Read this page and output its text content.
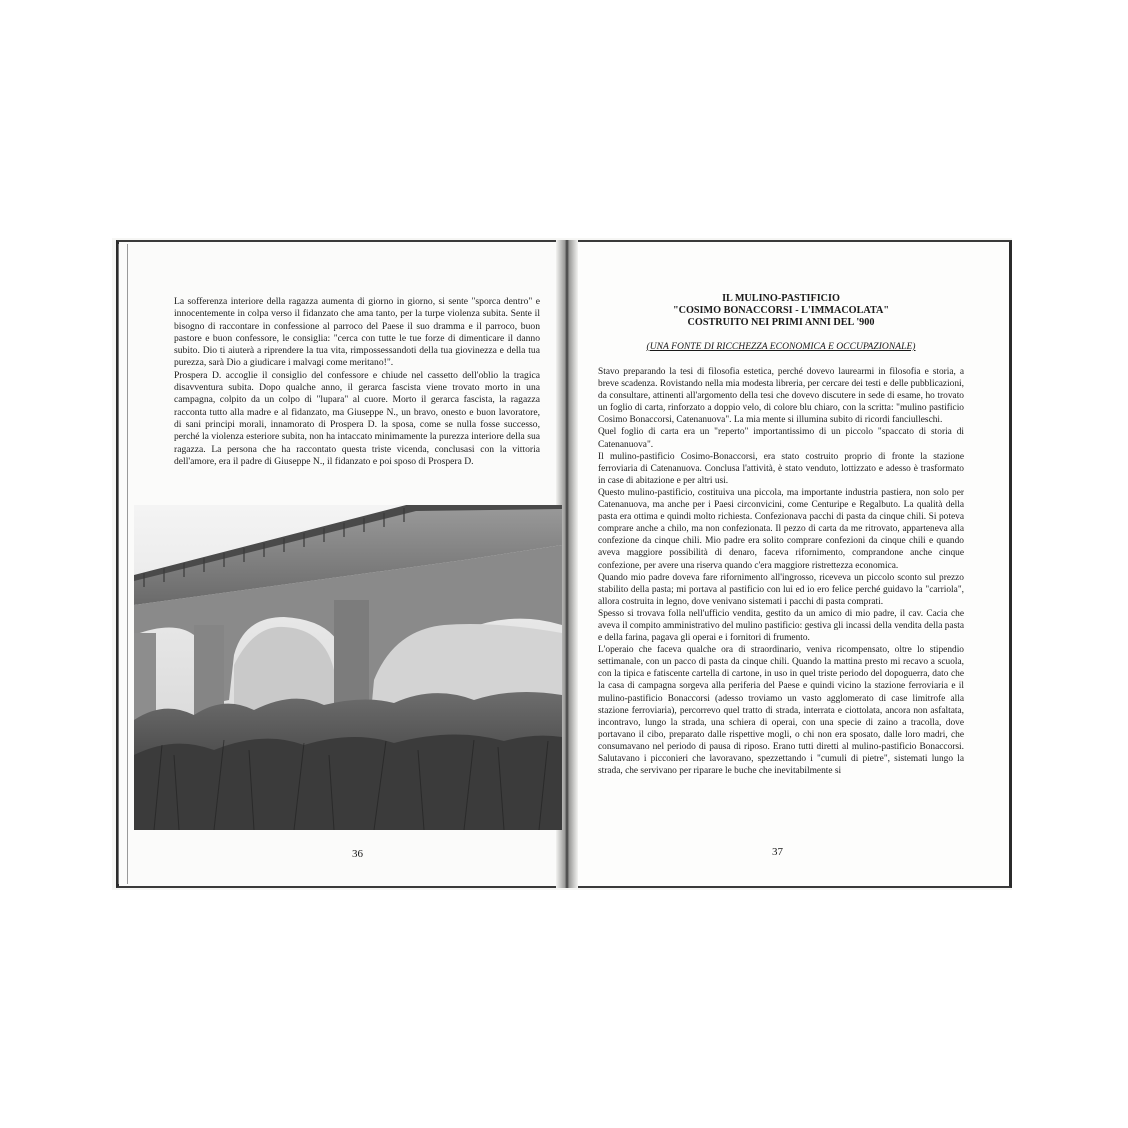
La sofferenza interiore della ragazza aumenta di giorno in giorno, si sente "sporca dentro" e innocentemente in colpa verso il fidanzato che ama tanto, per la turpe violenza subita. Sente il bisogno di raccontare in confessione al parroco del Paese il suo dramma e il parroco, buon pastore e buon confessore, le consiglia: "cerca con tutte le tue forze di dimenticare il danno subito. Dio ti aiuterà a riprendere la tua vita, rimpossessandoti della tua giovinezza e della tua purezza, sarà Dio a giudicare i malvagi come meritano!".

Prospera D. accoglie il consiglio del confessore e chiude nel cassetto dell'oblio la tragica disavventura subita. Dopo qualche anno, il gerarca fascista viene trovato morto in una campagna, colpito da un colpo di "lupara" al cuore. Morto il gerarca fascista, la ragazza racconta tutto alla madre e al fidanzato, ma Giuseppe N., un bravo, onesto e buon lavoratore, di sani principi morali, innamorato di Prospera D. la sposa, come se nulla fosse successo, perché la violenza esteriore subita, non ha intaccato minimamente la purezza interiore della sua ragazza. La persona che ha raccontato questa triste vicenda, conclusasi con la vittoria dell'amore, era il padre di Giuseppe N., il fidanzato e poi sposo di Prospera D.

36
IL MULINO-PASTIFICIO
"COSIMO BONACCORSI - L'IMMACOLATA"
COSTRUITO NEI PRIMI ANNI DEL '900
(UNA FONTE DI RICCHEZZA ECONOMICA E OCCUPAZIONALE)

Stavo preparando la tesi di filosofia estetica, perché dovevo laurearmi in filosofia e storia, a breve scadenza. Rovistando nella mia modesta libreria, per cercare dei testi e delle pubblicazioni, da consultare, attinenti all'argomento della tesi che dovevo discutere in sede di esame, ho trovato un foglio di carta, rinforzato a doppio velo, di colore blu chiaro, con la scritta: "mulino pastificio Cosimo Bonaccorsi, Catenanuova". La mia mente si illumina subito di ricordi fanciulleschi.

Quel foglio di carta era un "reperto" importantissimo di un piccolo "spaccato di storia di Catenanuova".

Il mulino-pastificio Cosimo-Bonaccorsi, era stato costruito proprio di fronte la stazione ferroviaria di Catenanuova. Conclusa l'attività, è stato venduto, lottizzato e adesso è trasformato in case di abitazione e per altri usi.

Questo mulino-pastificio, costituiva una piccola, ma importante industria pastiera, non solo per Catenanuova, ma anche per i Paesi circonvicini, come Centuripe e Regalbuto. La qualità della pasta era ottima e quindi molto richiesta. Confezionava pacchi di pasta da cinque chili. Si poteva comprare anche a chilo, ma non confezionata. Il pezzo di carta da me ritrovato, apparteneva alla confezione da cinque chili. Mio padre era solito comprare confezioni da cinque chili e quando aveva maggiore possibilità di denaro, faceva rifornimento, comprandone anche cinque confezione, per avere una riserva quando c'era maggiore ristrettezza economica.

Quando mio padre doveva fare rifornimento all'ingrosso, riceveva un piccolo sconto sul prezzo stabilito della pasta; mi portava al pastificio con lui ed io ero felice perché guidavo la "carriola", allora costruita in legno, dove venivano sistemati i pacchi di pasta comprati.

Spesso si trovava folla nell'ufficio vendita, gestito da un amico di mio padre, il cav. Cacia che aveva il compito amministrativo del mulino pastificio: gestiva gli incassi della vendita della pasta e della farina, pagava gli operai e i fornitori di frumento.

L'operaio che faceva qualche ora di straordinario, veniva ricompensato, oltre lo stipendio settimanale, con un pacco di pasta da cinque chili. Quando la mattina presto mi recavo a scuola, con la tipica e fatiscente cartella di cartone, in uso in quel triste periodo del dopoguerra, dato che la casa di campagna sorgeva alla periferia del Paese e quindi vicino la stazione ferroviaria e il mulino-pastificio Bonaccorsi (adesso troviamo un vasto agglomerato di case limitrofe alla stazione ferroviaria), percorrevo quel tratto di strada, interrata e ciottolata, ancora non asfaltata, incontravo, lungo la strada, una schiera di operai, con una specie di zaino a tracolla, dove portavano il cibo, preparato dalle rispettive mogli, o chi non era sposato, dalle loro madri, che consumavano nel periodo di pausa di riposo. Erano tutti diretti al mulino-pastificio Bonaccorsi. Salutavano i picconieri che lavoravano, spezzettando i "cumuli di pietre", sistemati lungo la strada, che servivano per riparare le buche che inevitabilmente si

37
